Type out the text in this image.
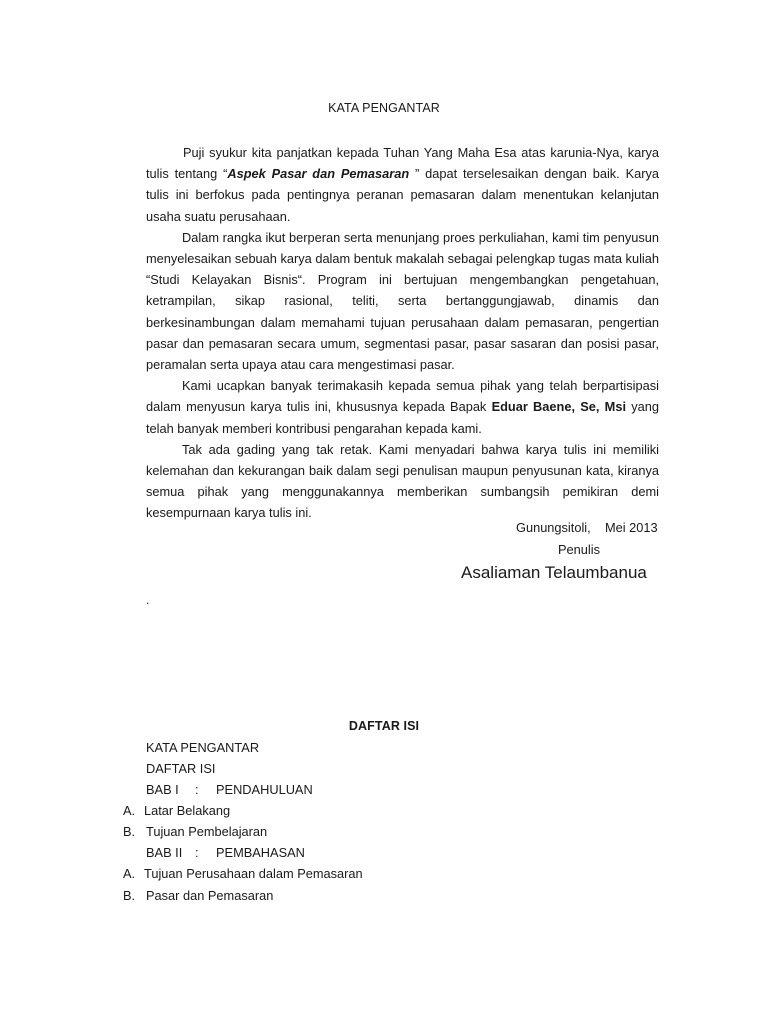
KATA PENGANTAR

Puji syukur kita panjatkan kepada Tuhan Yang Maha Esa atas karunia-Nya, karya tulis tentang “Aspek Pasar dan Pemasaran ” dapat terselesaikan dengan baik. Karya tulis ini berfokus pada pentingnya peranan pemasaran dalam menentukan kelanjutan usaha suatu perusahaan.

Dalam rangka ikut berperan serta menunjang proes perkuliahan, kami tim penyusun menyelesaikan sebuah karya dalam bentuk makalah sebagai pelengkap tugas mata kuliah “Studi Kelayakan Bisnis“. Program ini bertujuan mengembangkan pengetahuan, ketrampilan, sikap rasional, teliti, serta bertanggungjawab, dinamis dan berkesinambungan dalam memahami tujuan perusahaan dalam pemasaran, pengertian pasar dan pemasaran secara umum, segmentasi pasar, pasar sasaran dan posisi pasar, peramalan serta upaya atau cara mengestimasi pasar.

Kami ucapkan banyak terimakasih kepada semua pihak yang telah berpartisipasi dalam menyusun karya tulis ini, khususnya kepada Bapak Eduar Baene, Se, Msi yang telah banyak memberi kontribusi pengarahan kepada kami.

Tak ada gading yang tak retak. Kami menyadari bahwa karya tulis ini memiliki kelemahan dan kekurangan baik dalam segi penulisan maupun penyusunan kata, kiranya semua pihak yang menggunakannya memberikan sumbangsih pemikiran demi kesempurnaan karya tulis ini.

Gunungsitoli, Mei 2013
Penulis
Asaliaman Telaumbanua
.
DAFTAR ISI
KATA PENGANTAR
DAFTAR ISI
BAB I : PENDAHULUAN
A. Latar Belakang
B. Tujuan Pembelajaran
BAB II : PEMBAHASAN
A. Tujuan Perusahaan dalam Pemasaran
B. Pasar dan Pemasaran
